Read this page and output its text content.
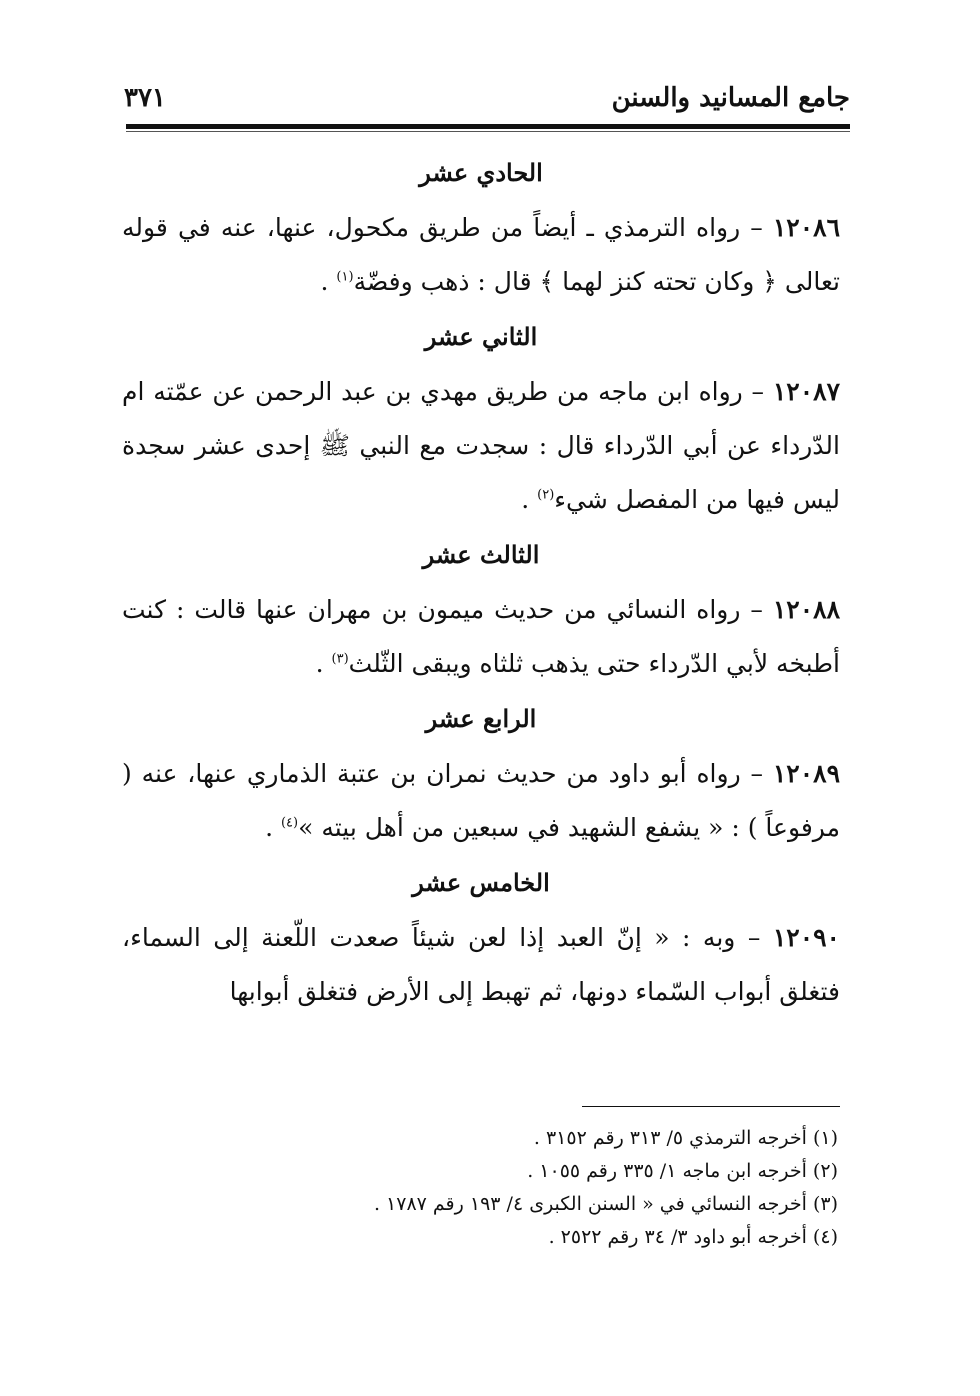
جامع المسانيد والسنن
٣٧١
الحادي عشر

١٢٠٨٦ – رواه الترمذي ـ أيضاً من طريق مكحول، عنها، عنه في قوله تعالى ﴿ وكان تحته كنز لهما ﴾ قال : ذهب وفضّة$^{(١)}$ .

الثاني عشر

١٢٠٨٧ – رواه ابن ماجه من طريق مهدي بن عبد الرحمن عن عمّته ام الدّرداء عن أبي الدّرداء قال : سجدت مع النبي ﷺ إحدى عشر سجدة ليس فيها من المفصل شيء$^{(٢)}$ .

الثالث عشر

١٢٠٨٨ – رواه النسائي من حديث ميمون بن مهران عنها قالت : كنت أطبخه لأبي الدّرداء حتى يذهب ثلثاه ويبقى الثّلث$^{(٣)}$ .

الرابع عشر

١٢٠٨٩ – رواه أبو داود من حديث نمران بن عتبة الذماري عنها، عنه ( مرفوعاً ) : « يشفع الشهيد في سبعين من أهل بيته »$^{(٤)}$ .

الخامس عشر

١٢٠٩٠ – وبه : « إنّ العبد إذا لعن شيئاً صعدت اللّعنة إلى السماء، فتغلق أبواب السّماء دونها، ثم تهبط إلى الأرض فتغلق أبوابها

(١) أخرجه الترمذي ٥/ ٣١٣ رقم ٣١٥٢ .

(٢) أخرجه ابن ماجه ١/ ٣٣٥ رقم ١٠٥٥ .

(٣) أخرجه النسائي في « السنن الكبرى ٤/ ١٩٣ رقم ١٧٨٧ .

(٤) أخرجه أبو داود ٣/ ٣٤ رقم ٢٥٢٢ .
